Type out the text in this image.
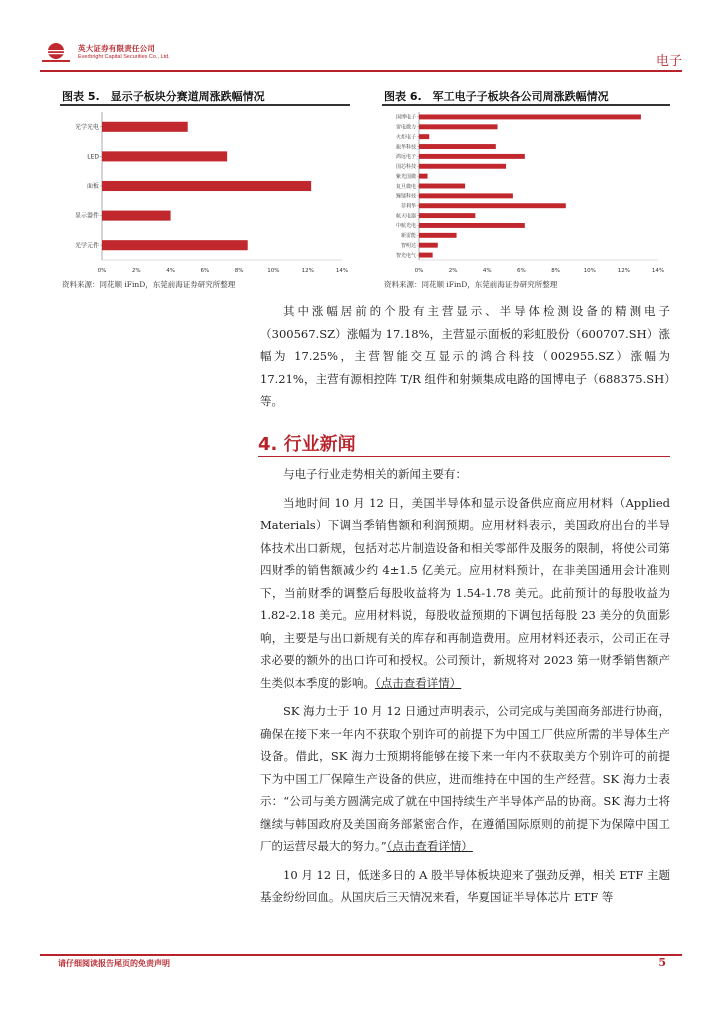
英大证券有限责任公司
Everbright Capital Securities Co., Ltd.	电子
图表 5.　显示子板块分赛道周涨跌幅情况
光学光电
LED
面板
显示器件
光学元件
0%	2%	4%	6%	8%	10%	12%	14%
资料来源：同花顺 iFinD，东莞前海证券研究所整理
图表 6.　军工电子子板块各公司周涨跌幅情况
国博电子
雷电微力
火炬电子
振华科技
鸿远电子
国芯科技
紫光国微
复旦微电
臻镭科技
菲利华
航天电器
中航光电
新雷能
智明达
智光电气
0%	2%	4%	6%	8%	10%	12%	14%
资料来源：同花顺 iFinD，东莞前海证券研究所整理

其中涨幅居前的个股有主营显示、半导体检测设备的精测电子（300567.SZ）涨幅为 17.18%，主营显示面板的彩虹股份（600707.SH）涨幅为 17.25%，主营智能交互显示的鸿合科技（002955.SZ）涨幅为 17.21%，主营有源相控阵 T/R 组件和射频集成电路的国博电子（688375.SH）等。

4. 行业新闻

与电子行业走势相关的新闻主要有：

当地时间 10 月 12 日，美国半导体和显示设备供应商应用材料（Applied Materials）下调当季销售额和利润预期。应用材料表示，美国政府出台的半导体技术出口新规，包括对芯片制造设备和相关零部件及服务的限制，将使公司第四财季的销售额减少约 4±1.5 亿美元。应用材料预计，在非美国通用会计准则下，当前财季的调整后每股收益将为 1.54-1.78 美元。此前预计的每股收益为 1.82-2.18 美元。应用材料说，每股收益预期的下调包括每股 23 美分的负面影响，主要是与出口新规有关的库存和再制造费用。应用材料还表示，公司正在寻求必要的额外的出口许可和授权。公司预计，新规将对 2023 第一财季销售额产生类似本季度的影响。（点击查看详情）

SK 海力士于 10 月 12 日通过声明表示，公司完成与美国商务部进行协商，确保在接下来一年内不获取个别许可的前提下为中国工厂供应所需的半导体生产设备。借此，SK 海力士预期将能够在接下来一年内不获取美方个别许可的前提下为中国工厂保障生产设备的供应，进而维持在中国的生产经营。SK 海力士表示：“公司与美方圆满完成了就在中国持续生产半导体产品的协商。SK 海力士将继续与韩国政府及美国商务部紧密合作，在遵循国际原则的前提下为保障中国工厂的运营尽最大的努力。”（点击查看详情）

10 月 12 日，低迷多日的 A 股半导体板块迎来了强劲反弹，相关 ETF 主题基金纷纷回血。从国庆后三天情况来看，华夏国证半导体芯片 ETF 等

请仔细阅读报告尾页的免责声明	5
